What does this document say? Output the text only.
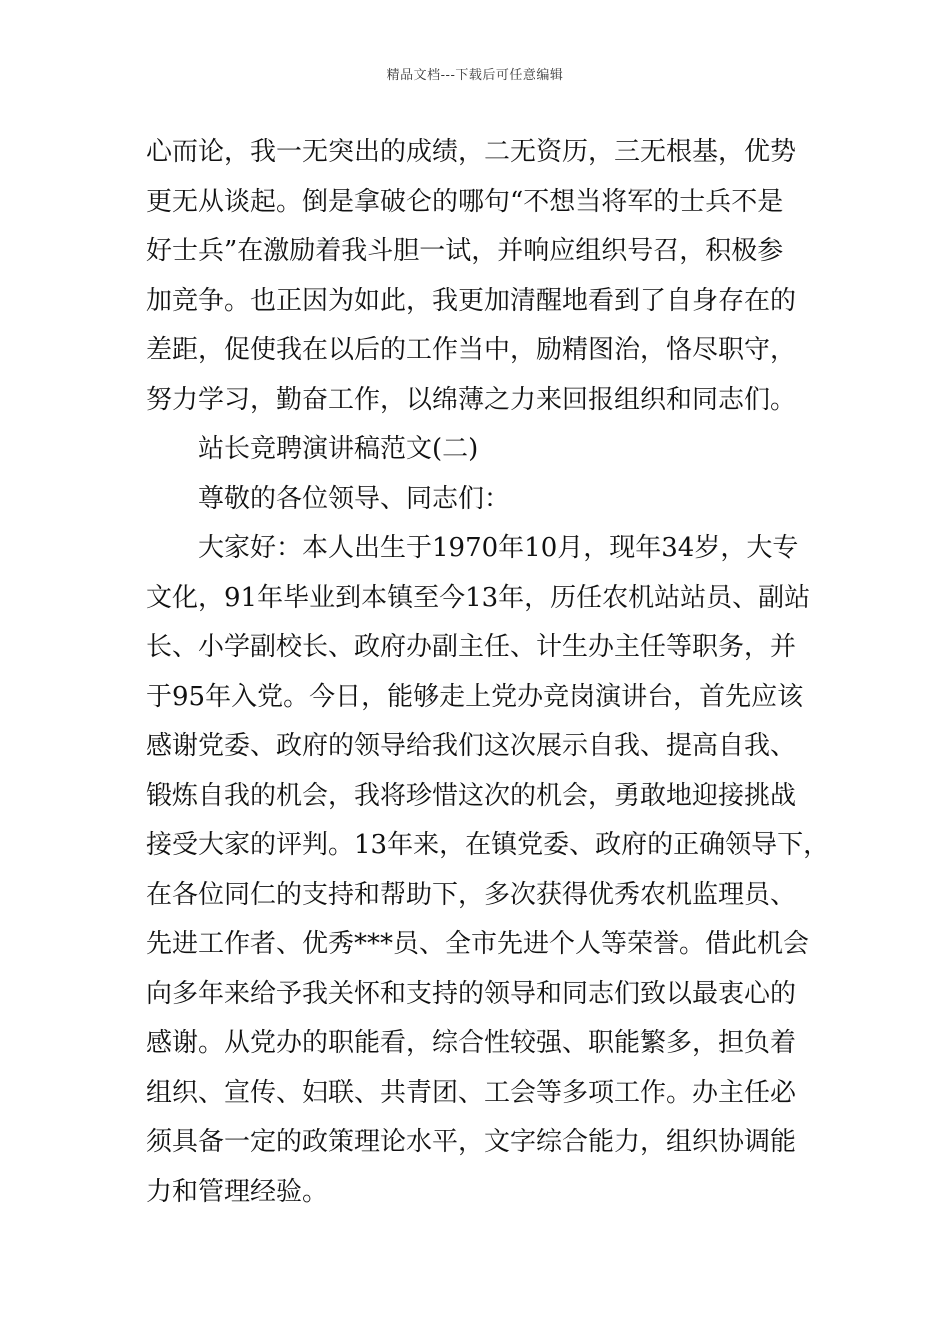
精品文档---下载后可任意编辑
心而论，我一无突出的成绩，二无资历，三无根基，优势
更无从谈起。倒是拿破仑的哪句“不想当将军的士兵不是
好士兵”在激励着我斗胆一试，并响应组织号召，积极参
加竞争。也正因为如此，我更加清醒地看到了自身存在的
差距，促使我在以后的工作当中，励精图治，恪尽职守，
努力学习，勤奋工作，以绵薄之力来回报组织和同志们。
站长竞聘演讲稿范文(二)
尊敬的各位领导、同志们：
大家好：本人出生于1970年10月，现年34岁，大专
文化，91年毕业到本镇至今13年，历任农机站站员、副站
长、小学副校长、政府办副主任、计生办主任等职务，并
于95年入党。今日，能够走上党办竞岗演讲台，首先应该
感谢党委、政府的领导给我们这次展示自我、提高自我、
锻炼自我的机会，我将珍惜这次的机会，勇敢地迎接挑战
接受大家的评判。13年来，在镇党委、政府的正确领导下，
在各位同仁的支持和帮助下，多次获得优秀农机监理员、
先进工作者、优秀***员、全市先进个人等荣誉。借此机会
向多年来给予我关怀和支持的领导和同志们致以最衷心的
感谢。从党办的职能看，综合性较强、职能繁多，担负着
组织、宣传、妇联、共青团、工会等多项工作。办主任必
须具备一定的政策理论水平，文字综合能力，组织协调能
力和管理经验。
